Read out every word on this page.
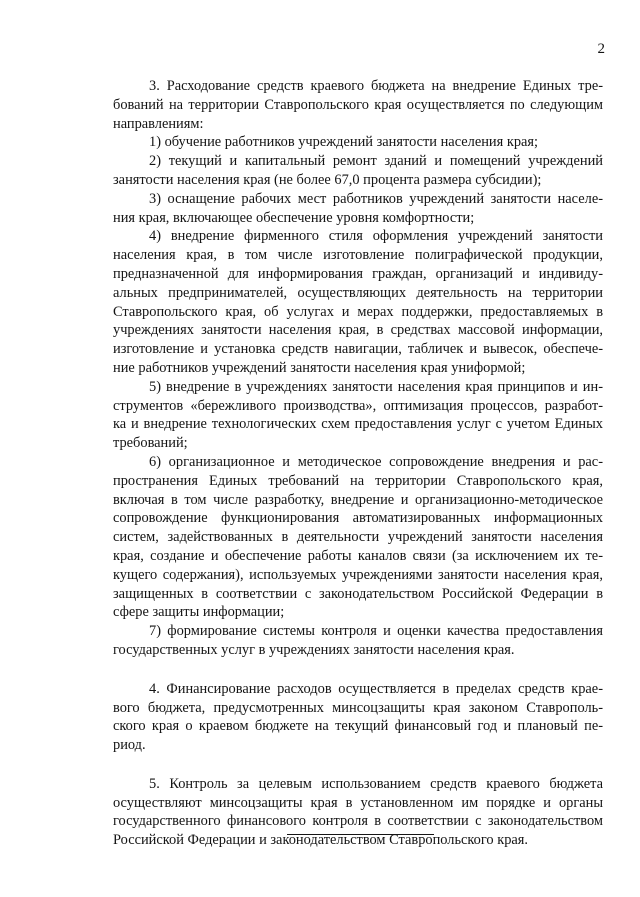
2
3. Расходование средств краевого бюджета на внедрение Единых тре-
бований на территории Ставропольского края осуществляется по следующим
направлениям:
1) обучение работников учреждений занятости населения края;
2) текущий и капитальный ремонт зданий и помещений учреждений
занятости населения края (не более 67,0 процента размера субсидии);
3) оснащение рабочих мест работников учреждений занятости населе-
ния края, включающее обеспечение уровня комфортности;
4) внедрение фирменного стиля оформления учреждений занятости
населения края, в том числе изготовление полиграфической продукции,
предназначенной для информирования граждан, организаций и индивиду-
альных предпринимателей, осуществляющих деятельность на территории
Ставропольского края, об услугах и мерах поддержки, предоставляемых в
учреждениях занятости населения края, в средствах массовой информации,
изготовление и установка средств навигации, табличек и вывесок, обеспече-
ние работников учреждений занятости населения края униформой;
5) внедрение в учреждениях занятости населения края принципов и ин-
струментов «бережливого производства», оптимизация процессов, разработ-
ка и внедрение технологических схем предоставления услуг с учетом Единых
требований;
6) организационное и методическое сопровождение внедрения и рас-
пространения Единых требований на территории Ставропольского края,
включая в том числе разработку, внедрение и организационно-методическое
сопровождение функционирования автоматизированных информационных
систем, задействованных в деятельности учреждений занятости населения
края, создание и обеспечение работы каналов связи (за исключением их те-
кущего содержания), используемых учреждениями занятости населения края,
защищенных в соответствии с законодательством Российской Федерации в
сфере защиты информации;
7) формирование системы контроля и оценки качества предоставления
государственных услуг в учреждениях занятости населения края.
4. Финансирование расходов осуществляется в пределах средств крае-
вого бюджета, предусмотренных минсоцзащиты края законом Ставрополь-
ского края о краевом бюджете на текущий финансовый год и плановый пе-
риод.
5. Контроль за целевым использованием средств краевого бюджета
осуществляют минсоцзащиты края в установленном им порядке и органы
государственного финансового контроля в соответствии с законодательством
Российской Федерации и законодательством Ставропольского края.
